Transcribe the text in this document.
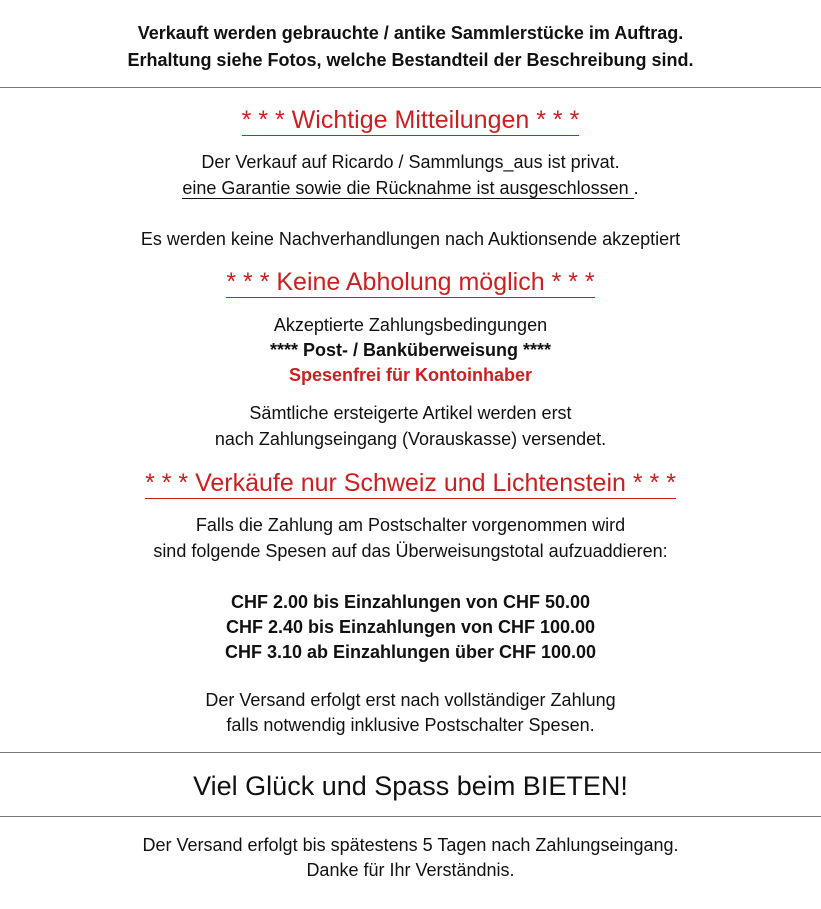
Verkauft werden gebrauchte / antike Sammlerstücke im Auftrag.
Erhaltung siehe Fotos, welche Bestandteil der Beschreibung sind.
* * * Wichtige Mitteilungen * * *
Der Verkauf auf Ricardo / Sammlungs_aus ist privat.
eine Garantie sowie die Rücknahme ist ausgeschlossen .
Es werden keine Nachverhandlungen nach Auktionsende akzeptiert
* * * Keine Abholung möglich * * *
Akzeptierte Zahlungsbedingungen
**** Post- / Banküberweisung ****
Spesenfrei für Kontoinhaber
Sämtliche ersteigerte Artikel werden erst
nach Zahlungseingang (Vorauskasse) versendet.
* * * Verkäufe nur Schweiz und Lichtenstein * * *
Falls die Zahlung am Postschalter vorgenommen wird
sind folgende Spesen auf das Überweisungstotal aufzuaddieren:
CHF 2.00 bis Einzahlungen von CHF 50.00
CHF 2.40 bis Einzahlungen von CHF 100.00
CHF 3.10 ab Einzahlungen über CHF 100.00
Der Versand erfolgt erst nach vollständiger Zahlung
falls notwendig inklusive Postschalter Spesen.
Viel Glück und Spass beim BIETEN!
Der Versand erfolgt bis spätestens 5 Tagen nach Zahlungseingang.
Danke für Ihr Verständnis.
